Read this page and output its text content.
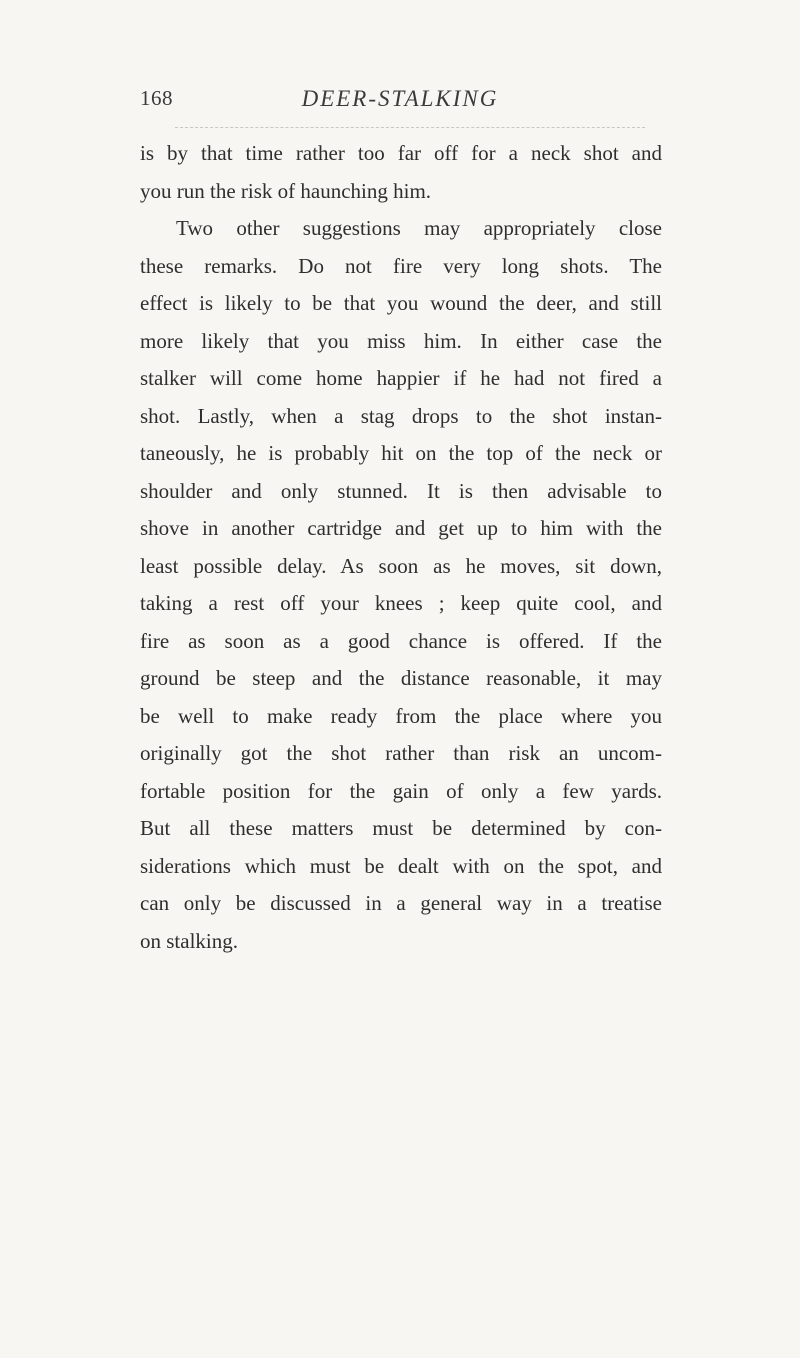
168	DEER-STALKING

is by that time rather too far off for a neck shot and
you run the risk of haunching him.

Two other suggestions may appropriately close
these remarks. Do not fire very long shots. The
effect is likely to be that you wound the deer, and still
more likely that you miss him. In either case the
stalker will come home happier if he had not fired a
shot. Lastly, when a stag drops to the shot instan-
taneously, he is probably hit on the top of the neck or
shoulder and only stunned. It is then advisable to
shove in another cartridge and get up to him with the
least possible delay. As soon as he moves, sit down,
taking a rest off your knees ; keep quite cool, and
fire as soon as a good chance is offered. If the
ground be steep and the distance reasonable, it may
be well to make ready from the place where you
originally got the shot rather than risk an uncom-
fortable position for the gain of only a few yards.
But all these matters must be determined by con-
siderations which must be dealt with on the spot, and
can only be discussed in a general way in a treatise
on stalking.
